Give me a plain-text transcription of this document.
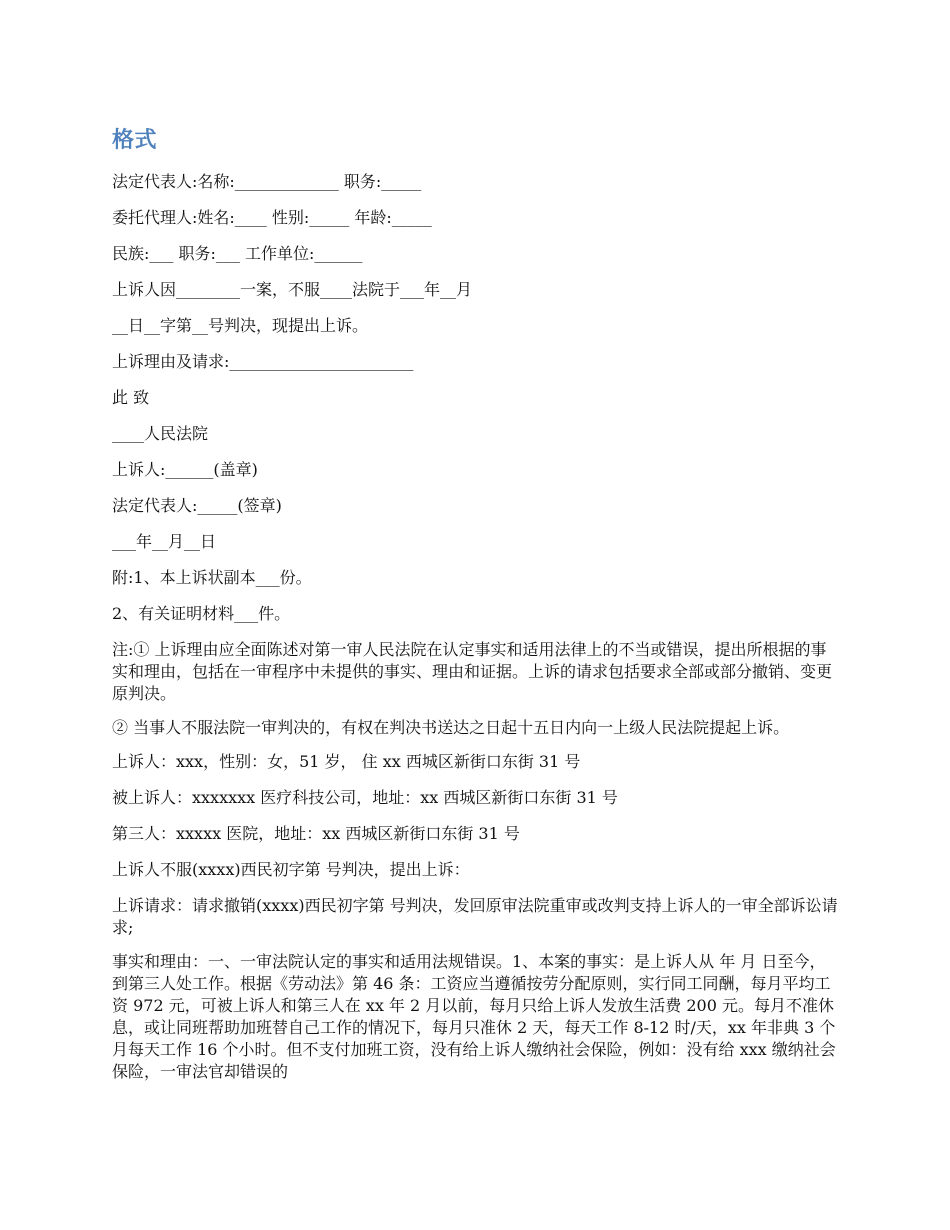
格式

法定代表人:名称:_____________ 职务:_____

委托代理人:姓名:____ 性别:_____ 年龄:_____

民族:___ 职务:___ 工作单位:______

上诉人因________一案，不服____法院于___年__月

__日__字第__号判决，现提出上诉。

上诉理由及请求:_______________________

此 致

____人民法院

上诉人:______(盖章)

法定代表人:_____(签章)

___年__月__日

附:1、本上诉状副本___份。

2、有关证明材料___件。

注:① 上诉理由应全面陈述对第一审人民法院在认定事实和适用法律上的不当或错误，提出所根据的事实和理由，包括在一审程序中未提供的事实、理由和证据。上诉的请求包括要求全部或部分撤销、变更原判决。

② 当事人不服法院一审判决的，有权在判决书送达之日起十五日内向一上级人民法院提起上诉。

上诉人：xxx，性别：女，51 岁， 住 xx 西城区新街口东街 31 号

被上诉人：xxxxxxx 医疗科技公司，地址：xx 西城区新街口东街 31 号

第三人：xxxxx 医院，地址：xx 西城区新街口东街 31 号

上诉人不服(xxxx)西民初字第 号判决，提出上诉：

上诉请求：请求撤销(xxxx)西民初字第 号判决，发回原审法院重审或改判支持上诉人的一审全部诉讼请求;

事实和理由：一、一审法院认定的事实和适用法规错误。1、本案的事实：是上诉人从 年 月 日至今，到第三人处工作。根据《劳动法》第 46 条：工资应当遵循按劳分配原则，实行同工同酬，每月平均工资 972 元，可被上诉人和第三人在 xx 年 2 月以前，每月只给上诉人发放生活费 200 元。每月不准休息，或让同班帮助加班替自己工作的情况下，每月只准休 2 天，每天工作 8-12 时/天，xx 年非典 3 个月每天工作 16 个小时。但不支付加班工资，没有给上诉人缴纳社会保险，例如：没有给 xxx 缴纳社会保险，一审法官却错误的
